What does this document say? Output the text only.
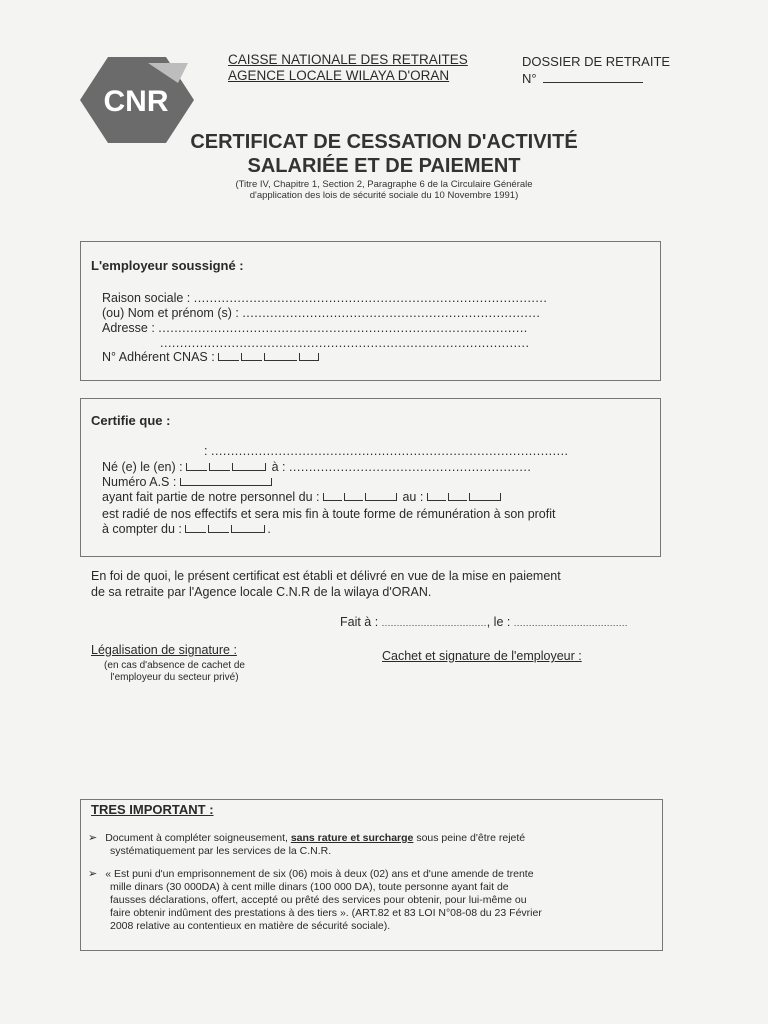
CNR
CAISSE NATIONALE DES RETRAITES
AGENCE LOCALE WILAYA D'ORAN
DOSSIER DE RETRAITE
N°
CERTIFICAT DE CESSATION D'ACTIVITÉ
SALARIÉE ET DE PAIEMENT
(Titre IV, Chapitre 1, Section 2, Paragraphe 6 de la Circulaire Générale
d'application des lois de sécurité sociale du 10 Novembre 1991)
L'employeur soussigné :
Raison sociale : .........................................................................................
(ou) Nom et prénom (s) : ...........................................................................
Adresse : .............................................................................................
.............................................................................................
N° Adhérent CNAS :
Certifie que :
: ..........................................................................................
Né (e) le (en) :	à : .............................................................
Numéro A.S :
ayant fait partie de notre personnel du :	au :
est radié de nos effectifs et sera mis fin à toute forme de rémunération à son profit
à compter du :	.
En foi de quoi, le présent certificat est établi et délivré en vue de la mise en paiement
de sa retraite par l'Agence locale C.N.R de la wilaya d'ORAN.
Fait à : ..................................., le : ......................................
Légalisation de signature :
(en cas d'absence de cachet de
l'employeur du secteur privé)
Cachet et signature de l'employeur :
TRES IMPORTANT :
➢ Document à compléter soigneusement, sans rature et surcharge sous peine d'être rejeté
systématiquement par les services de la C.N.R.
➢ « Est puni d'un emprisonnement de six (06) mois à deux (02) ans et d'une amende de trente
mille dinars (30 000DA) à cent mille dinars (100 000 DA), toute personne ayant fait de
fausses déclarations, offert, accepté ou prêté des services pour obtenir, pour lui-même ou
faire obtenir indûment des prestations à des tiers ». (ART.82 et 83 LOI N°08-08 du 23 Février
2008 relative au contentieux en matière de sécurité sociale).
